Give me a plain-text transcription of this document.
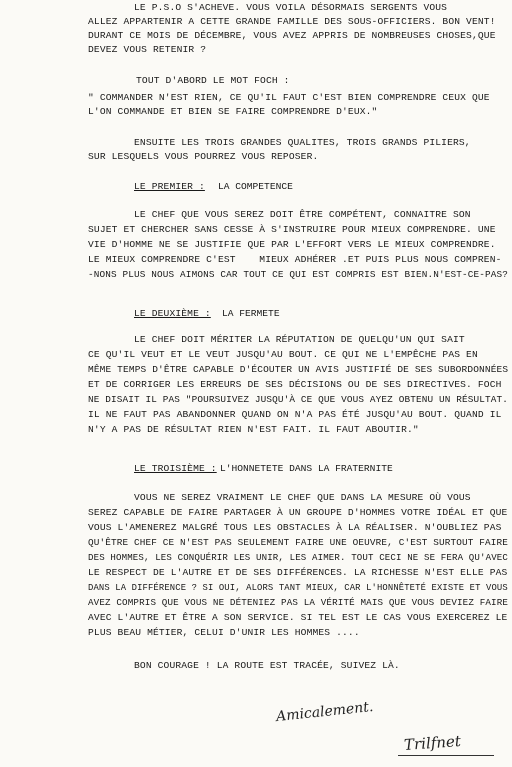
LE P.S.O S'ACHEVE. VOUS VOILA DÉSORMAIS SERGENTS VOUS
ALLEZ APPARTENIR A CETTE GRANDE FAMILLE DES SOUS-OFFICIERS. BON VENT!
DURANT CE MOIS DE DÉCEMBRE, VOUS AVEZ APPRIS DE NOMBREUSES CHOSES,QUE
DEVEZ VOUS RETENIR ?
TOUT D'ABORD LE MOT FOCH :
" COMMANDER N'EST RIEN, CE QU'IL FAUT C'EST BIEN COMPRENDRE CEUX QUE
L'ON COMMANDE ET BIEN SE FAIRE COMPRENDRE D'EUX."
ENSUITE LES TROIS GRANDES QUALITES, TROIS GRANDS PILIERS,
SUR LESQUELS VOUS POURREZ VOUS REPOSER.
LE PREMIER : LA COMPETENCE
LE CHEF QUE VOUS SEREZ DOIT ÊTRE COMPÉTENT, CONNAITRE SON
SUJET ET CHERCHER SANS CESSE À S'INSTRUIRE POUR MIEUX COMPRENDRE. UNE
VIE D'HOMME NE SE JUSTIFIE QUE PAR L'EFFORT VERS LE MIEUX COMPRENDRE.
LE MIEUX COMPRENDRE C'EST    MIEUX ADHÉRER .ET PUIS PLUS NOUS COMPREN-
-NONS PLUS NOUS AIMONS CAR TOUT CE QUI EST COMPRIS EST BIEN.N'EST-CE-PAS?
LE DEUXIÈME : LA FERMETE
LE CHEF DOIT MÉRITER LA RÉPUTATION DE QUELQU'UN QUI SAIT
CE QU'IL VEUT ET LE VEUT JUSQU'AU BOUT. CE QUI NE L'EMPÊCHE PAS EN
MÊME TEMPS D'ÊTRE CAPABLE D'ÉCOUTER UN AVIS JUSTIFIÉ DE SES SUBORDONNÉES
ET DE CORRIGER LES ERREURS DE SES DÉCISIONS OU DE SES DIRECTIVES. FOCH
NE DISAIT IL PAS "POURSUIVEZ JUSQU'À CE QUE VOUS AYEZ OBTENU UN RÉSULTAT.
IL NE FAUT PAS ABANDONNER QUAND ON N'A PAS ÉTÉ JUSQU'AU BOUT. QUAND IL
N'Y A PAS DE RÉSULTAT RIEN N'EST FAIT. IL FAUT ABOUTIR."
LE TROISIÈME : L'HONNETETE DANS LA FRATERNITE
VOUS NE SEREZ VRAIMENT LE CHEF QUE DANS LA MESURE OÙ VOUS
SEREZ CAPABLE DE FAIRE PARTAGER À UN GROUPE D'HOMMES VOTRE IDÉAL ET QUE
VOUS L'AMENEREZ MALGRÉ TOUS LES OBSTACLES À LA RÉALISER. N'OUBLIEZ PAS
QU'ÊTRE CHEF CE N'EST PAS SEULEMENT FAIRE UNE OEUVRE, C'EST SURTOUT FAIRE
DES HOMMES, LES CONQUÉRIR LES UNIR, LES AIMER. TOUT CECI NE SE FERA QU'AVEC
LE RESPECT DE L'AUTRE ET DE SES DIFFÉRENCES. LA RICHESSE N'EST ELLE PAS
DANS LA DIFFÉRENCE ? SI OUI, ALORS TANT MIEUX, CAR L'HONNÊTETÉ EXISTE ET VOUS
AVEZ COMPRIS QUE VOUS NE DÉTENIEZ PAS LA VÉRITÉ MAIS QUE VOUS DEVIEZ FAIRE
AVEC L'AUTRE ET ÊTRE A SON SERVICE. SI TEL EST LE CAS VOUS EXERCEREZ LE
PLUS BEAU MÉTIER, CELUI D'UNIR LES HOMMES ....
BON COURAGE ! LA ROUTE EST TRACÉE, SUIVEZ LÀ.
Amicalement.
Trilfnet
